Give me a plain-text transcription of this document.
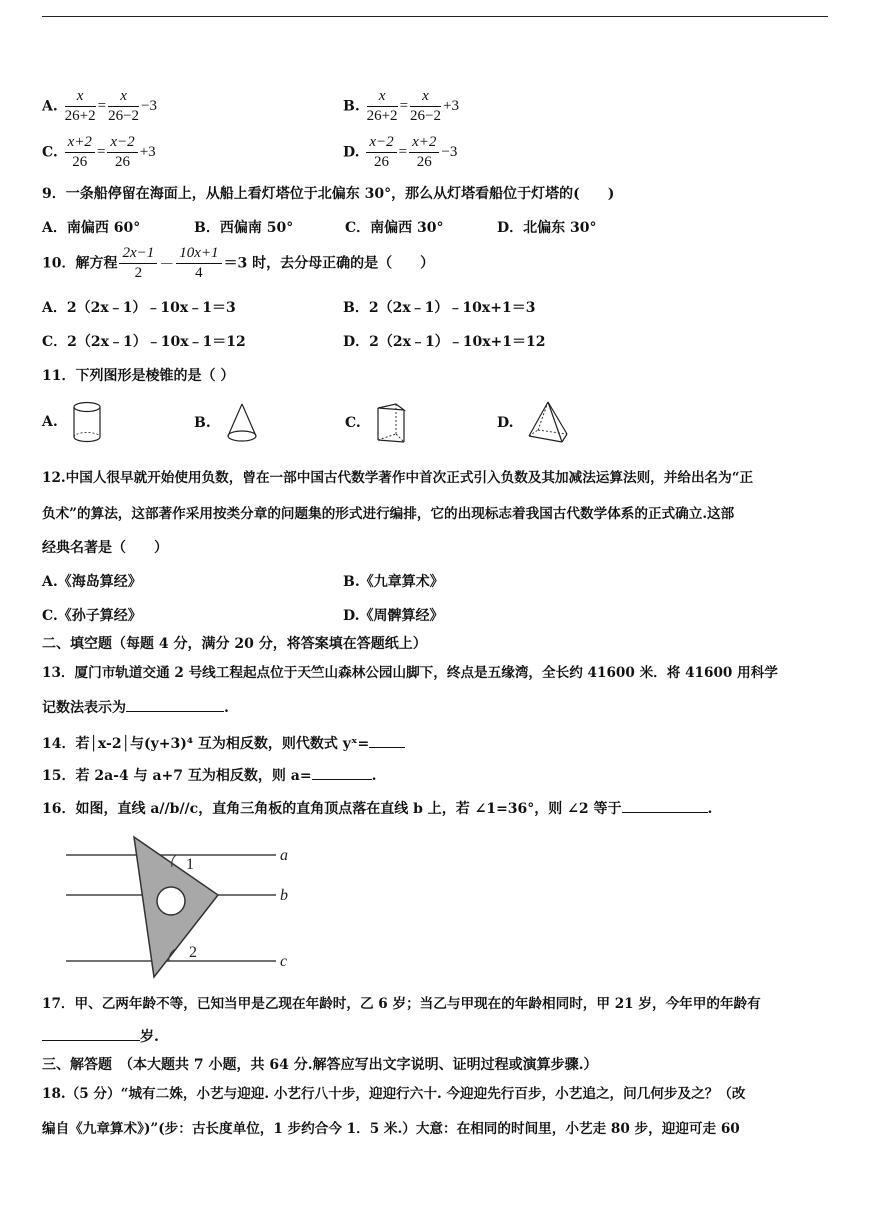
A. $\frac{x}{26+2} = \frac{x}{26-2} -3$	B. $\frac{x}{26+2} = \frac{x}{26-2} +3$
C. $\frac{x+2}{26} = \frac{x-2}{26} +3$	D. $\frac{x-2}{26} = \frac{x+2}{26} -3$
9．一条船停留在海面上，从船上看灯塔位于北偏东 30°，那么从灯塔看船位于灯塔的(　　)
A．南偏西 60°	B．西偏南 50°	C．南偏西 30°	D．北偏东 30°
10．解方程 $\frac{2x-1}{2} - \frac{10x+1}{4} =3$ 时，去分母正确的是（　　）
A．2（2x﹣1）﹣10x﹣1＝3	B．2（2x﹣1）﹣10x+1＝3
C．2（2x﹣1）﹣10x﹣1＝12	D．2（2x﹣1）﹣10x+1＝12
11．下列图形是棱锥的是（ ）
A.	B.	C.	D.
12.中国人很早就开始使用负数，曾在一部中国古代数学著作中首次正式引入负数及其加减法运算法则，并给出名为“正
负术”的算法，这部著作采用按类分章的问题集的形式进行编排，它的出现标志着我国古代数学体系的正式确立.这部
经典名著是（　　）
A.《海岛算经》	B.《九章算术》
C.《孙子算经》	D.《周髀算经》
二、填空题（每题 4 分，满分 20 分，将答案填在答题纸上）
13．厦门市轨道交通 2 号线工程起点位于天竺山森林公园山脚下，终点是五缘湾，全长约 41600 米．将 41600 用科学
记数法表示为	.
14．若│x-2│与(y+3)⁴ 互为相反数，则代数式 yˣ=
15．若 2a-4 与 a+7 互为相反数，则 a=	.
16．如图，直线 a//b//c，直角三角板的直角顶点落在直线 b 上，若 ∠1=36°，则 ∠2 等于	.
1
2
a
b
c
17．甲、乙两年龄不等，已知当甲是乙现在年龄时，乙 6 岁；当乙与甲现在的年龄相同时，甲 21 岁，今年甲的年龄有
岁.
三、解答题　（本大题共 7 小题，共 64 分.解答应写出文字说明、证明过程或演算步骤.）
18.（5 分）“城有二姝，小艺与迎迎. 小艺行八十步，迎迎行六十. 今迎迎先行百步，小艺追之，问几何步及之？（改
编自《九章算术》)”(步：古长度单位，1 步约合今 1．5 米.）大意：在相同的时间里，小艺走 80 步，迎迎可走 60
